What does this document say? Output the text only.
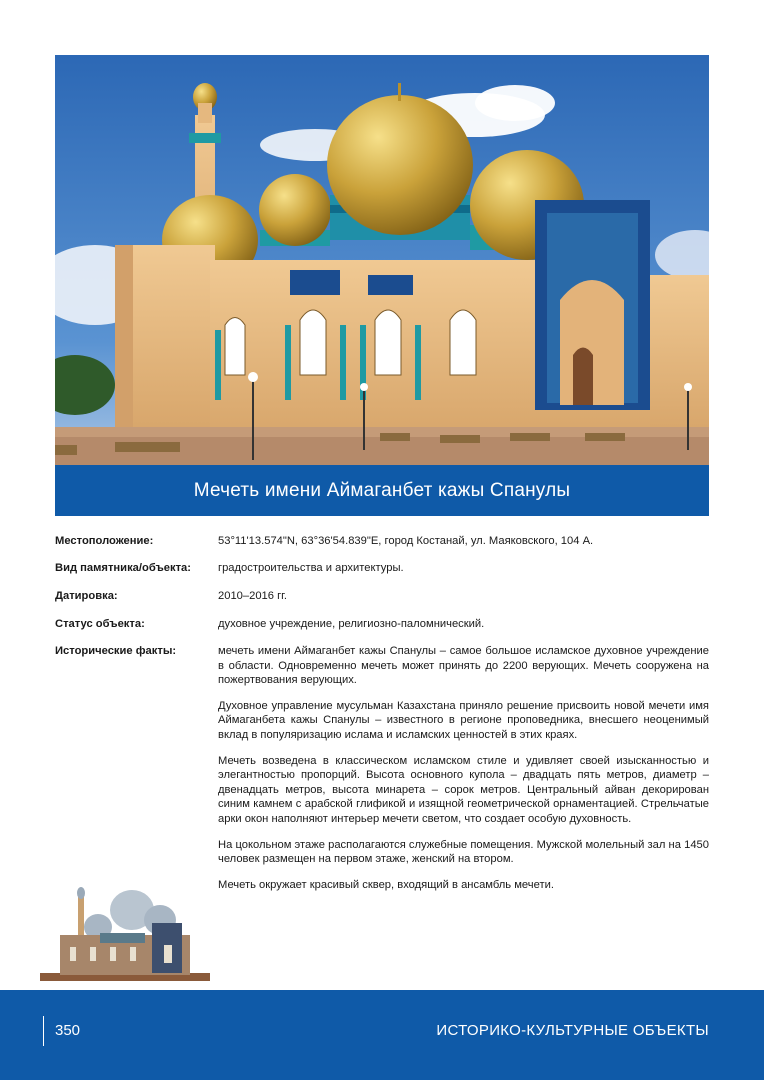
Мечеть имени Аймаганбет кажы Спанулы
Местоположение:	53°11'13.574"N, 63°36'54.839"E, город Костанай, ул. Маяковского, 104 А.
Вид памятника/объекта:	градостроительства и архитектуры.
Датировка:	2010–2016 гг.
Статус объекта:	духовное учреждение, религиозно-паломнический.
Исторические факты:	мечеть имени Аймаганбет кажы Спанулы – самое большое исламское духовное учреждение в области. Одновременно мечеть может принять до 2200 верующих. Мечеть сооружена на пожертвования верующих.

Духовное управление мусульман Казахстана приняло решение присвоить новой мечети имя Аймаганбета кажы Спанулы – известного в регионе проповедника, внесшего неоценимый вклад в популяризацию ислама и исламских ценностей в этих краях.

Мечеть возведена в классическом исламском стиле и удивляет своей изысканностью и элегантностью пропорций. Высота основного купола – двадцать пять метров, диаметр – двенадцать метров, высота минарета – сорок метров. Центральный айван декорирован синим камнем с арабской глификой и изящной геометрической орнаментацией. Стрельчатые арки окон наполняют интерьер мечети светом, что создает особую духовность.

На цокольном этаже располагаются служебные помещения. Мужской молельный зал на 1450 человек размещен на первом этаже, женский на втором.

Мечеть окружает красивый сквер, входящий в ансамбль мечети.

350	ИСТОРИКО-КУЛЬТУРНЫЕ ОБЪЕКТЫ
